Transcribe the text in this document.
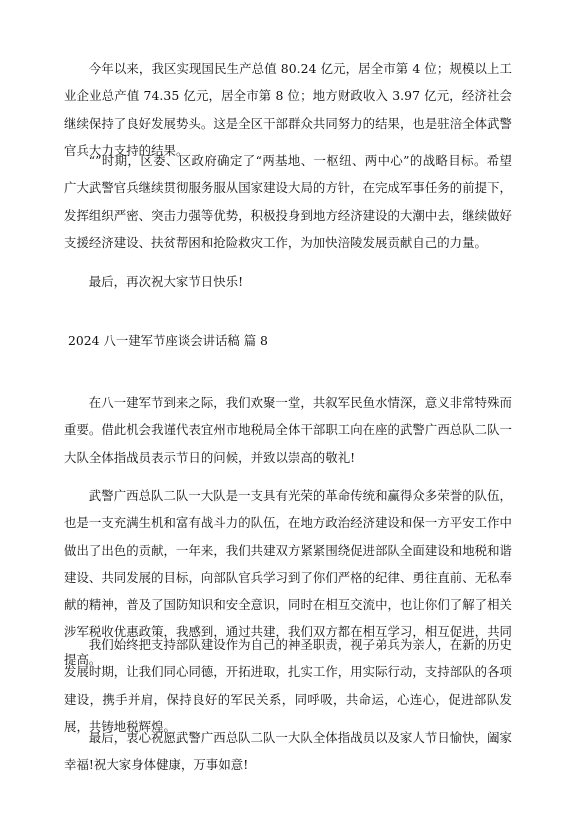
今年以来，我区实现国民生产总值 80.24 亿元，居全市第 4 位；规模以上工业企业总产值 74.35 亿元，居全市第 8 位；地方财政收入 3.97 亿元，经济社会继续保持了良好发展势头。这是全区干部群众共同努力的结果，也是驻涪全体武警官兵大力支持的结果。

“”时期，区委、区政府确定了“两基地、一枢纽、两中心”的战略目标。希望广大武警官兵继续贯彻服务服从国家建设大局的方针，在完成军事任务的前提下，发挥组织严密、突击力强等优势，积极投身到地方经济建设的大潮中去，继续做好支援经济建设、扶贫帮困和抢险救灾工作，为加快涪陵发展贡献自己的力量。

最后，再次祝大家节日快乐!

2024 八一建军节座谈会讲话稿 篇 8

在八一建军节到来之际，我们欢聚一堂，共叙军民鱼水情深，意义非常特殊而重要。借此机会我谨代表宜州市地税局全体干部职工向在座的武警广西总队二队一大队全体指战员表示节日的问候，并致以崇高的敬礼!

武警广西总队二队一大队是一支具有光荣的革命传统和赢得众多荣誉的队伍，也是一支充满生机和富有战斗力的队伍，在地方政治经济建设和保一方平安工作中做出了出色的贡献，一年来，我们共建双方紧紧围绕促进部队全面建设和地税和谐建设、共同发展的目标，向部队官兵学习到了你们严格的纪律、勇往直前、无私奉献的精神，普及了国防知识和安全意识，同时在相互交流中，也让你们了解了相关涉军税收优惠政策，我感到，通过共建，我们双方都在相互学习，相互促进，共同提高。

我们始终把支持部队建设作为自己的神圣职责，视子弟兵为亲人，在新的历史发展时期，让我们同心同德，开拓进取，扎实工作，用实际行动，支持部队的各项建设，携手并肩，保持良好的军民关系，同呼吸，共命运，心连心，促进部队发展，共铸地税辉煌。

最后，衷心祝愿武警广西总队二队一大队全体指战员以及家人节日愉快，阖家幸福!祝大家身体健康，万事如意!
